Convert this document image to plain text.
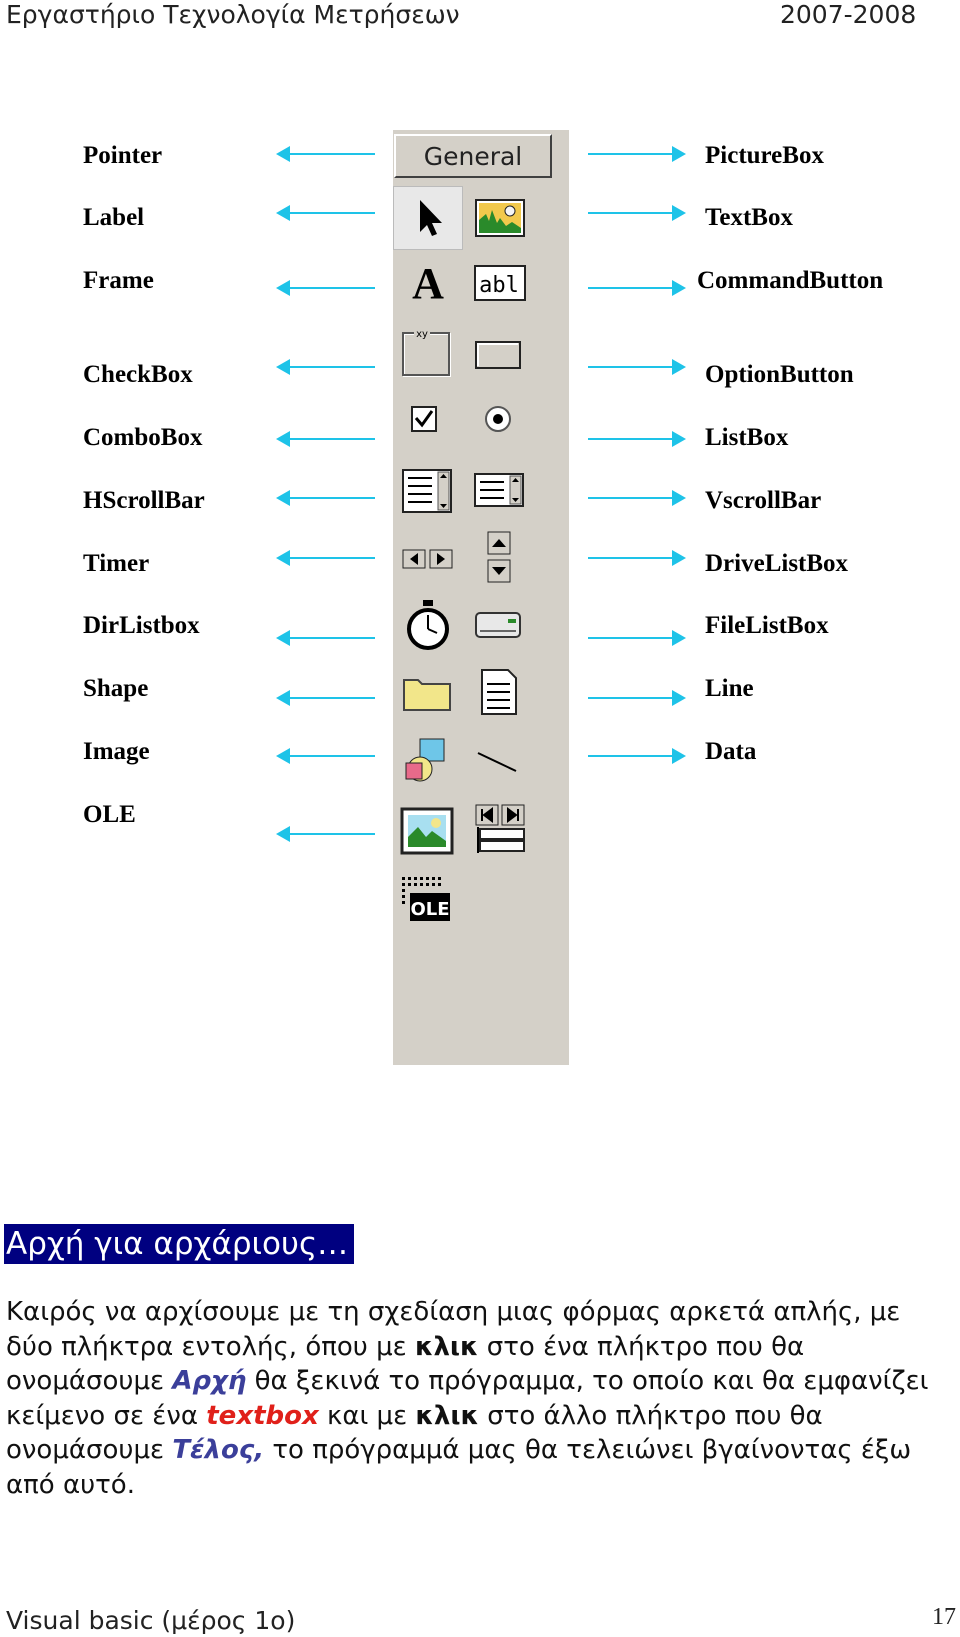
Εργαστήριο Τεχνολογία Μετρήσεων	2007-2008
Pointer
Label
Frame
CheckBox
ComboBox
HScrollBar
Timer
DirListbox
Shape
Image
OLE
PictureBox
TextBox
CommandButton
OptionButton
ListBox
VscrollBar
DriveListBox
FileListBox
Line
Data
General
A abl
xy
OLE
Αρχή για αρχάριους…
Καιρός να αρχίσουμε με τη σχεδίαση μιας φόρμας αρκετά απλής, με δύο πλήκτρα εντολής, όπου με κλικ στο ένα πλήκτρο που θα ονομάσουμε Αρχή θα ξεκινά το πρόγραμμα, το οποίο και θα εμφανίζει κείμενο σε ένα textbox και με κλικ στο άλλο πλήκτρο που θα ονομάσουμε Τέλος, το πρόγραμμά μας θα τελειώνει βγαίνοντας έξω από αυτό.
Visual basic (μέρος 1ο)	17
